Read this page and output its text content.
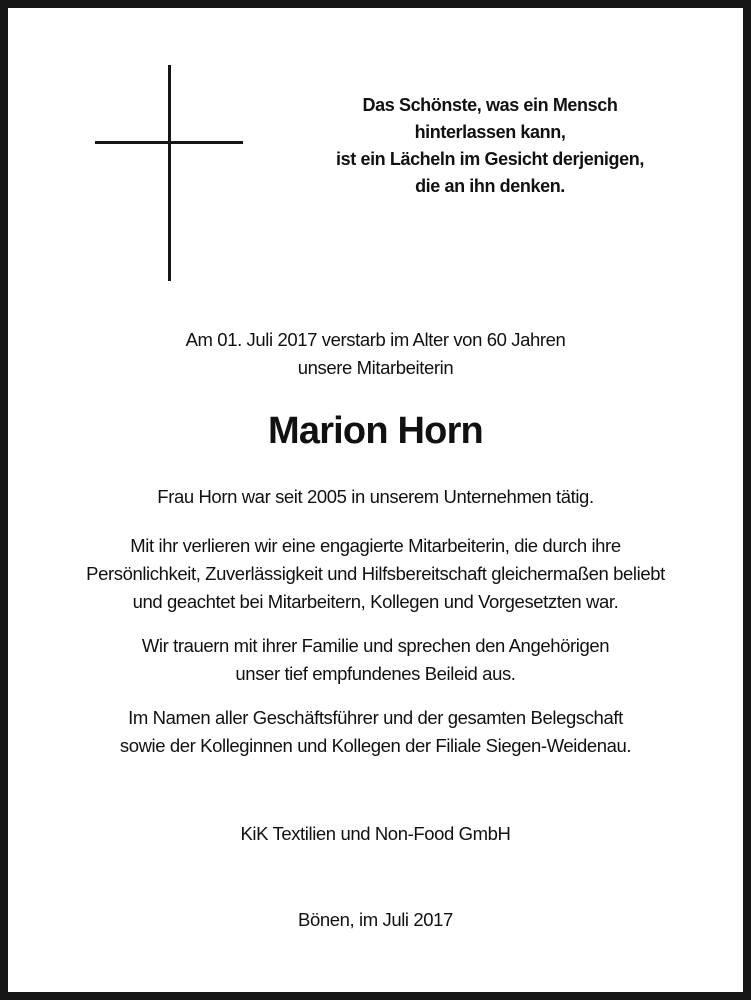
Das Schönste, was ein Mensch
hinterlassen kann,
ist ein Lächeln im Gesicht derjenigen,
die an ihn denken.
Am 01. Juli 2017 verstarb im Alter von 60 Jahren
unsere Mitarbeiterin
Marion Horn
Frau Horn war seit 2005 in unserem Unternehmen tätig.
Mit ihr verlieren wir eine engagierte Mitarbeiterin, die durch ihre
Persönlichkeit, Zuverlässigkeit und Hilfsbereitschaft gleichermaßen beliebt
und geachtet bei Mitarbeitern, Kollegen und Vorgesetzten war.
Wir trauern mit ihrer Familie und sprechen den Angehörigen
unser tief empfundenes Beileid aus.
Im Namen aller Geschäftsführer und der gesamten Belegschaft
sowie der Kolleginnen und Kollegen der Filiale Siegen-Weidenau.
KiK Textilien und Non-Food GmbH
Bönen, im Juli 2017
